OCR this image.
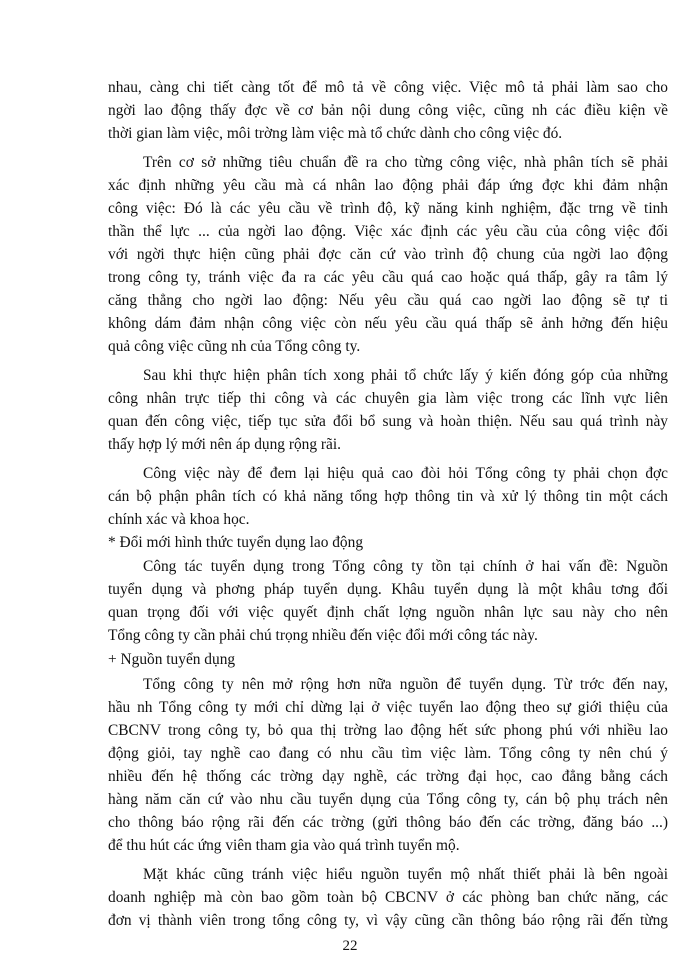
nhau, càng chi tiết càng tốt để mô tả về công việc. Việc mô tả phải làm sao cho
ngời lao động thấy đợc về cơ bản nội dung công việc, cũng nh các điều kiện về
thời gian làm việc, môi trờng làm việc mà tổ chức dành cho công việc đó.
Trên cơ sở những tiêu chuẩn đề ra cho từng công việc, nhà phân tích sẽ phải
xác định những yêu cầu mà cá nhân lao động phải đáp ứng đợc khi đảm nhận
công việc: Đó là các yêu cầu về trình độ, kỹ năng kinh nghiệm, đặc trng về tinh
thần thể lực ... của ngời lao động. Việc xác định các yêu cầu của công việc đối
với ngời thực hiện cũng phải đợc căn cứ vào trình độ chung của ngời lao động
trong công ty, tránh việc đa ra các yêu cầu quá cao hoặc quá thấp, gây ra tâm lý
căng thẳng cho ngời lao động: Nếu yêu cầu quá cao ngời lao động sẽ tự ti
không dám đảm nhận công việc còn nếu yêu cầu quá thấp sẽ ảnh hởng đến hiệu
quả công việc cũng nh của Tổng công ty.
Sau khi thực hiện phân tích xong phải tổ chức lấy ý kiến đóng góp của những
công nhân trực tiếp thi công và các chuyên gia làm việc trong các lĩnh vực liên
quan đến công việc, tiếp tục sửa đổi bổ sung và hoàn thiện. Nếu sau quá trình này
thấy hợp lý mới nên áp dụng rộng rãi.
Công việc này để đem lại hiệu quả cao đòi hỏi Tổng công ty phải chọn đợc
cán bộ phận phân tích có khả năng tổng hợp thông tin và xử lý thông tin một cách
chính xác và khoa học.
* Đổi mới hình thức tuyển dụng lao động
Công tác tuyển dụng trong Tổng công ty tồn tại chính ở hai vấn đề: Nguồn
tuyển dụng và phơng pháp tuyển dụng. Khâu tuyển dụng là một khâu tơng đối
quan trọng đối với việc quyết định chất lợng nguồn nhân lực sau này cho nên
Tổng công ty cần phải chú trọng nhiều đến việc đổi mới công tác này.
+ Nguồn tuyển dụng
Tổng công ty nên mở rộng hơn nữa nguồn để tuyển dụng. Từ trớc đến nay,
hầu nh Tổng công ty mới chỉ dừng lại ở việc tuyển lao động theo sự giới thiệu của
CBCNV trong công ty, bỏ qua thị trờng lao động hết sức phong phú với nhiều lao
động giỏi, tay nghề cao đang có nhu cầu tìm việc làm. Tổng công ty nên chú ý
nhiều đến hệ thống các trờng dạy nghề, các trờng đại học, cao đẳng bằng cách
hàng năm căn cứ vào nhu cầu tuyển dụng của Tổng công ty, cán bộ phụ trách nên
cho thông báo rộng rãi đến các trờng (gửi thông báo đến các trờng, đăng báo ...)
để thu hút các ứng viên tham gia vào quá trình tuyển mộ.
Mặt khác cũng tránh việc hiểu nguồn tuyển mộ nhất thiết phải là bên ngoài
doanh nghiệp mà còn bao gồm toàn bộ CBCNV ở các phòng ban chức năng, các
đơn vị thành viên trong tổng công ty, vì vậy cũng cần thông báo rộng rãi đến từng
22
